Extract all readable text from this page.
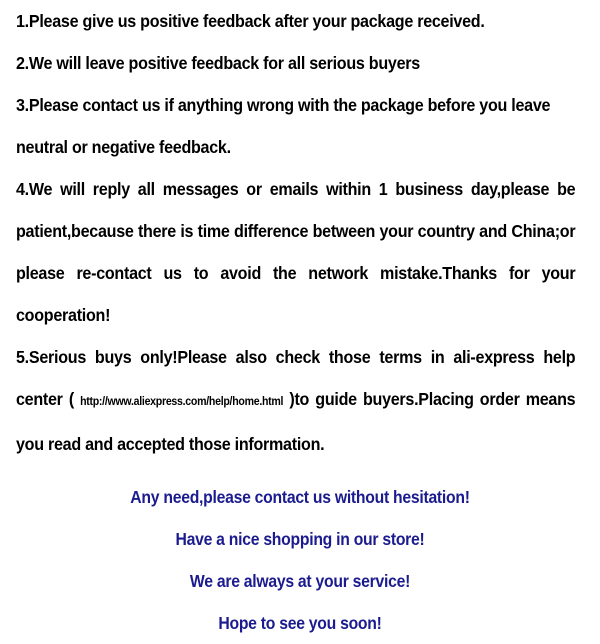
1.Please give us positive feedback after your package received.

2.We will leave positive feedback for all serious buyers

3.Please contact us if anything wrong with the package before you leave neutral or negative feedback.

4.We will reply all messages or emails within 1 business day,please be patient,because there is time difference between your country and China;or please re-contact us to avoid the network mistake.Thanks for your cooperation!

5.Serious buys only!Please also check those terms in ali-express help center ( http://www.aliexpress.com/help/home.html )to guide buyers.Placing order means you read and accepted those information.

Any need,please contact us without hesitation!

Have a nice shopping in our store!

We are always at your service!

Hope to see you soon!
